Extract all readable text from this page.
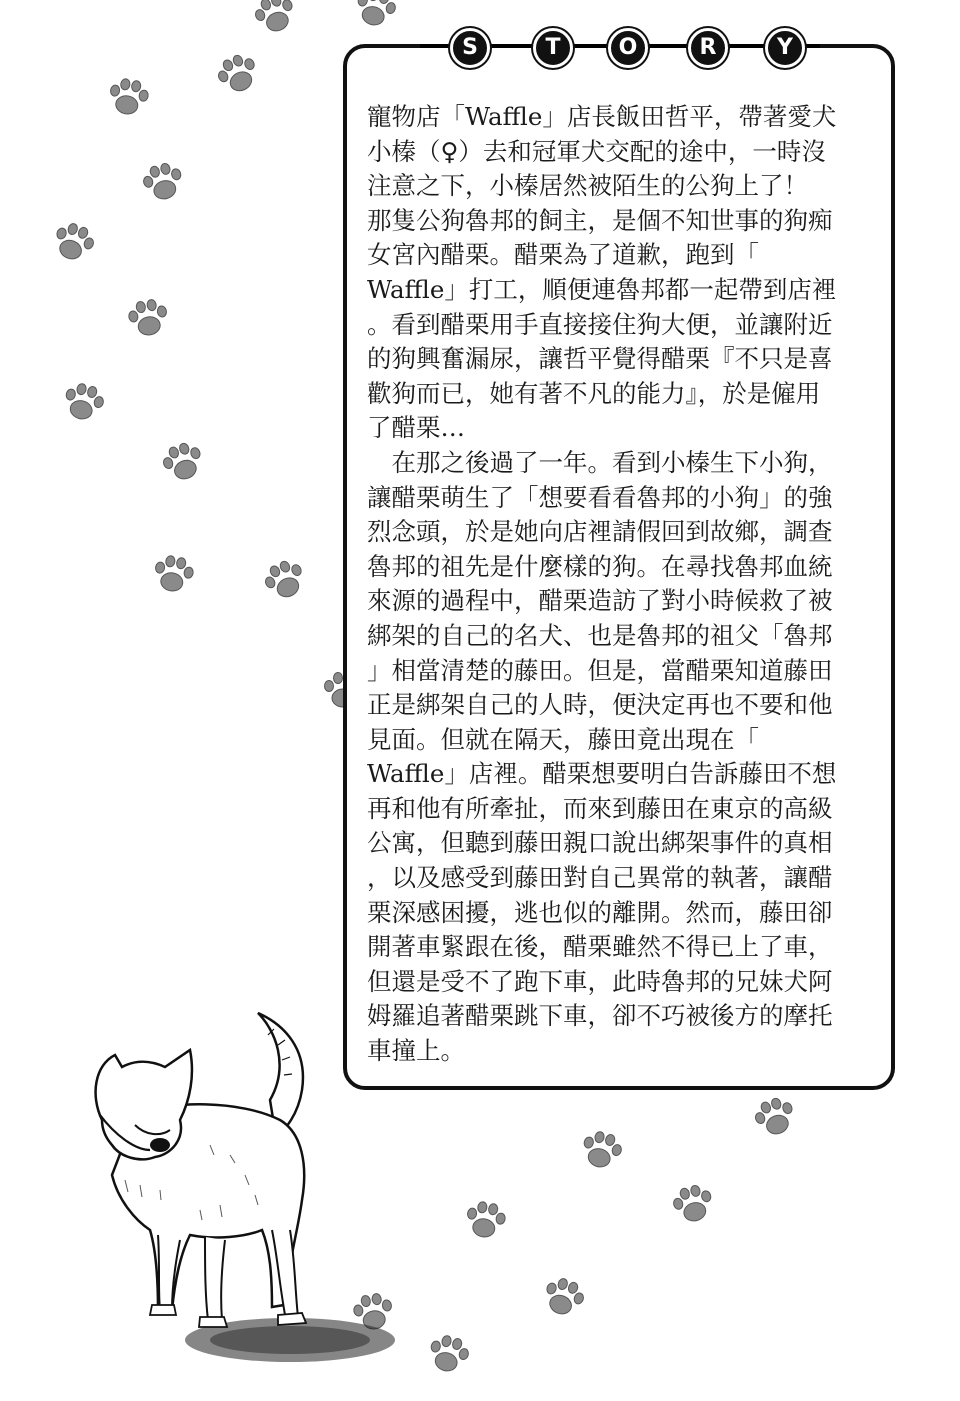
S	T	O	R	Y
寵物店「Waffle」店長飯田哲平，帶著愛犬
小榛（♀）去和冠軍犬交配的途中，一時沒
注意之下，小榛居然被陌生的公狗上了！
那隻公狗魯邦的飼主，是個不知世事的狗痴
女宮內醋栗。醋栗為了道歉，跑到「
Waffle」打工，順便連魯邦都一起帶到店裡
。看到醋栗用手直接接住狗大便，並讓附近
的狗興奮漏尿，讓哲平覺得醋栗『不只是喜
歡狗而已，她有著不凡的能力』，於是僱用
了醋栗…
　在那之後過了一年。看到小榛生下小狗，
讓醋栗萌生了「想要看看魯邦的小狗」的強
烈念頭，於是她向店裡請假回到故鄉，調查
魯邦的祖先是什麼樣的狗。在尋找魯邦血統
來源的過程中，醋栗造訪了對小時候救了被
綁架的自己的名犬、也是魯邦的祖父「魯邦
」相當清楚的藤田。但是，當醋栗知道藤田
正是綁架自己的人時，便決定再也不要和他
見面。但就在隔天，藤田竟出現在「
Waffle」店裡。醋栗想要明白告訴藤田不想
再和他有所牽扯，而來到藤田在東京的高級
公寓，但聽到藤田親口說出綁架事件的真相
，以及感受到藤田對自己異常的執著，讓醋
栗深感困擾，逃也似的離開。然而，藤田卻
開著車緊跟在後，醋栗雖然不得已上了車，
但還是受不了跑下車，此時魯邦的兄妹犬阿
姆羅追著醋栗跳下車，卻不巧被後方的摩托
車撞上。
